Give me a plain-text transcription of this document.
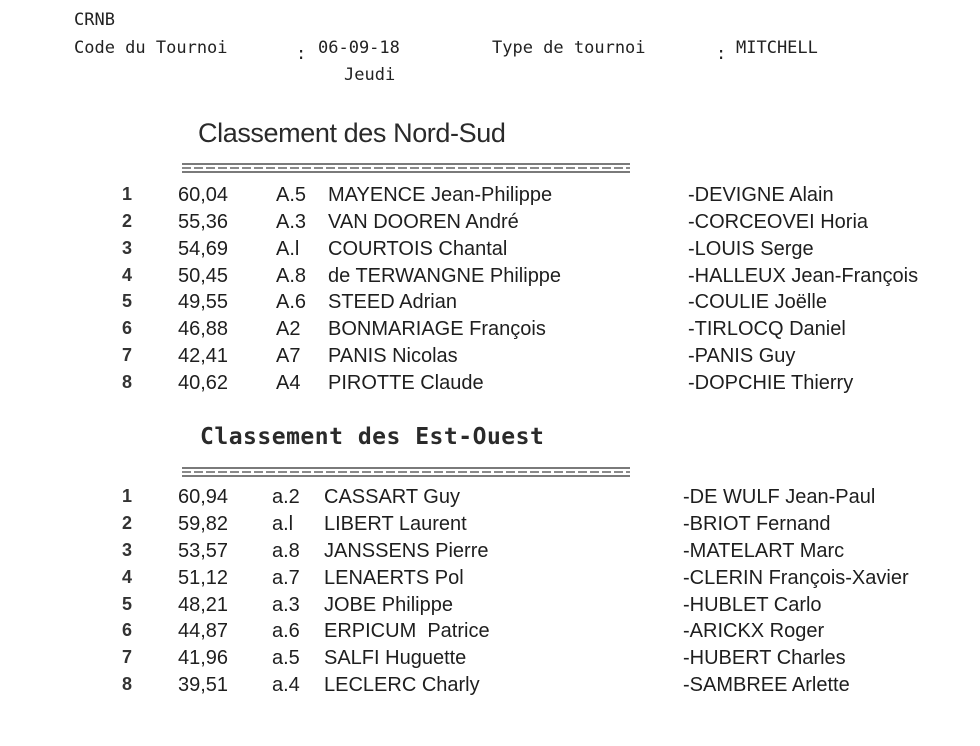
CRNB
Code du Tournoi	: 06-09-18
Jeudi
Type de tournoi	: MITCHELL
Classement des Nord-Sud
1 60,04 A.5 MAYENCE Jean-Philippe	-DEVIGNE Alain
2 55,36 A.3 VAN DOOREN André	-CORCEOVEI Horia
3 54,69 A.l COURTOIS Chantal	-LOUIS Serge
4 50,45 A.8 de TERWANGNE Philippe	-HALLEUX Jean-François
5 49,55 A.6 STEED Adrian	-COULIE Joëlle
6 46,88 A2 BONMARIAGE François	-TIRLOCQ Daniel
7 42,41 A7 PANIS Nicolas	-PANIS Guy
8 40,62 A4 PIROTTE Claude	-DOPCHIE Thierry
Classement des Est-Ouest
1 60,94 a.2 CASSART Guy	-DE WULF Jean-Paul
2 59,82 a.l LIBERT Laurent	-BRIOT Fernand
3 53,57 a.8 JANSSENS Pierre	-MATELART Marc
4 51,12 a.7 LENAERTS Pol	-CLERIN François-Xavier
5 48,21 a.3 JOBE Philippe	-HUBLET Carlo
6 44,87 a.6 ERPICUM  Patrice	-ARICKX Roger
7 41,96 a.5 SALFI Huguette	-HUBERT Charles
8 39,51 a.4 LECLERC Charly	-SAMBREE Arlette
